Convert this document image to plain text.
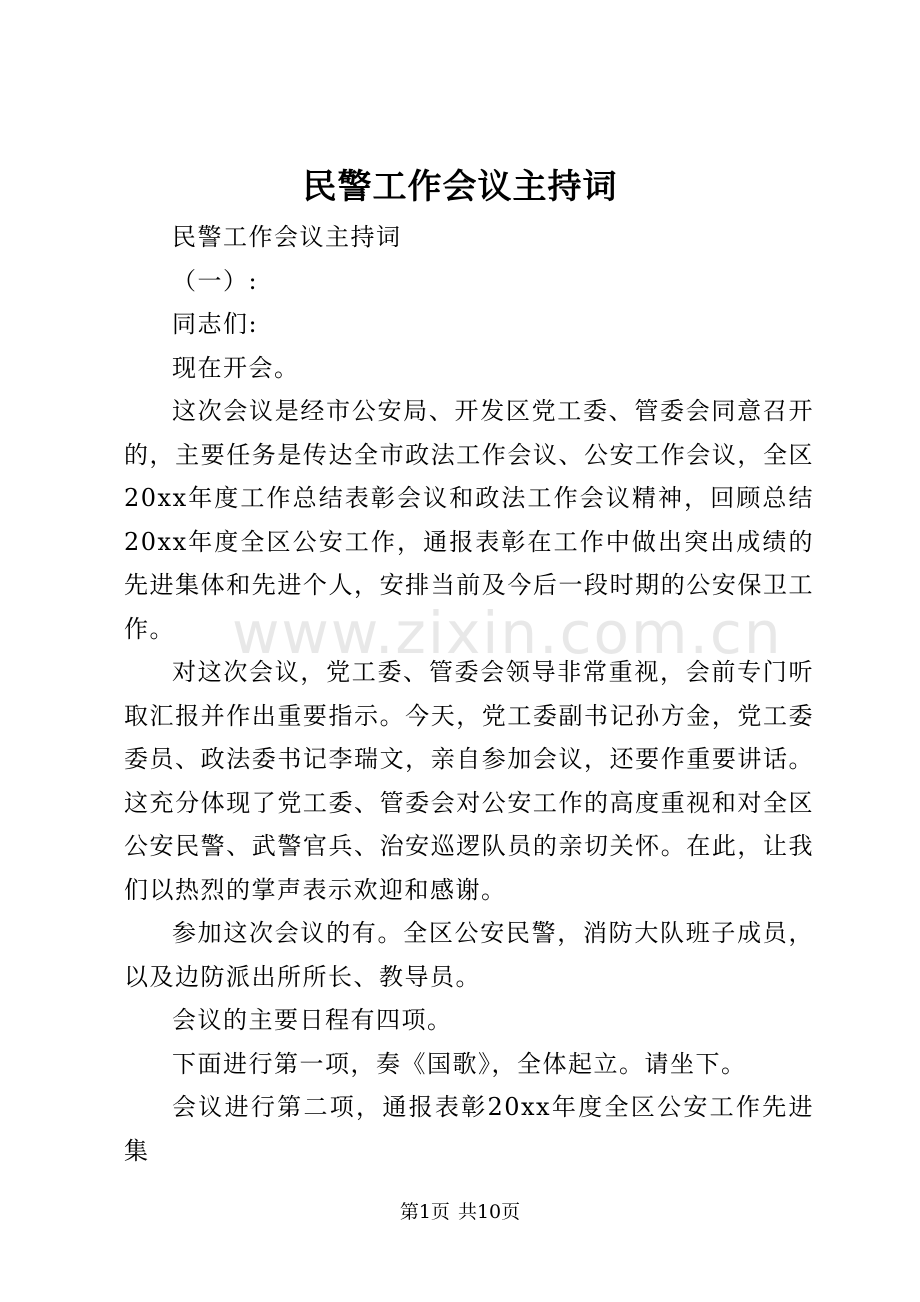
民警工作会议主持词

民警工作会议主持词

（一）:

同志们:

现在开会。

这次会议是经市公安局、开发区党工委、管委会同意召开的，主要任务是传达全市政法工作会议、公安工作会议，全区20xx年度工作总结表彰会议和政法工作会议精神，回顾总结20xx年度全区公安工作，通报表彰在工作中做出突出成绩的先进集体和先进个人，安排当前及今后一段时期的公安保卫工作。

对这次会议，党工委、管委会领导非常重视，会前专门听取汇报并作出重要指示。今天，党工委副书记孙方金，党工委委员、政法委书记李瑞文，亲自参加会议，还要作重要讲话。这充分体现了党工委、管委会对公安工作的高度重视和对全区公安民警、武警官兵、治安巡逻队员的亲切关怀。在此，让我们以热烈的掌声表示欢迎和感谢。

参加这次会议的有。全区公安民警，消防大队班子成员，以及边防派出所所长、教导员。

会议的主要日程有四项。

下面进行第一项，奏《国歌》，全体起立。请坐下。

会议进行第二项，通报表彰20xx年度全区公安工作先进集

www.zixin.com.cn
第1页 共10页
